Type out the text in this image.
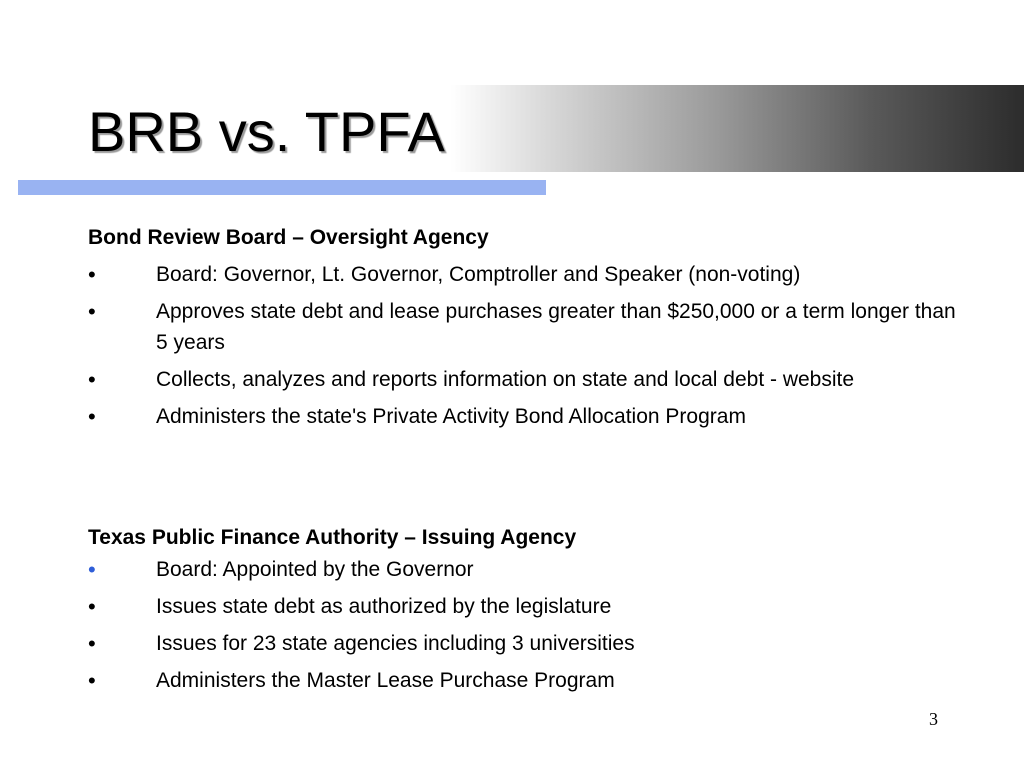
BRB vs. TPFA
Bond Review Board – Oversight Agency
•	Board: Governor, Lt. Governor, Comptroller and Speaker (non-voting)
•	Approves state debt and lease purchases greater than $250,000 or a term longer than 5 years
•	Collects, analyzes and reports information on state and local debt - website
•	Administers the state's Private Activity Bond Allocation Program
Texas Public Finance Authority – Issuing Agency
•	Board: Appointed by the Governor
•	Issues state debt as authorized by the legislature
•	Issues for 23 state agencies including 3 universities
•	Administers the Master Lease Purchase Program
3
